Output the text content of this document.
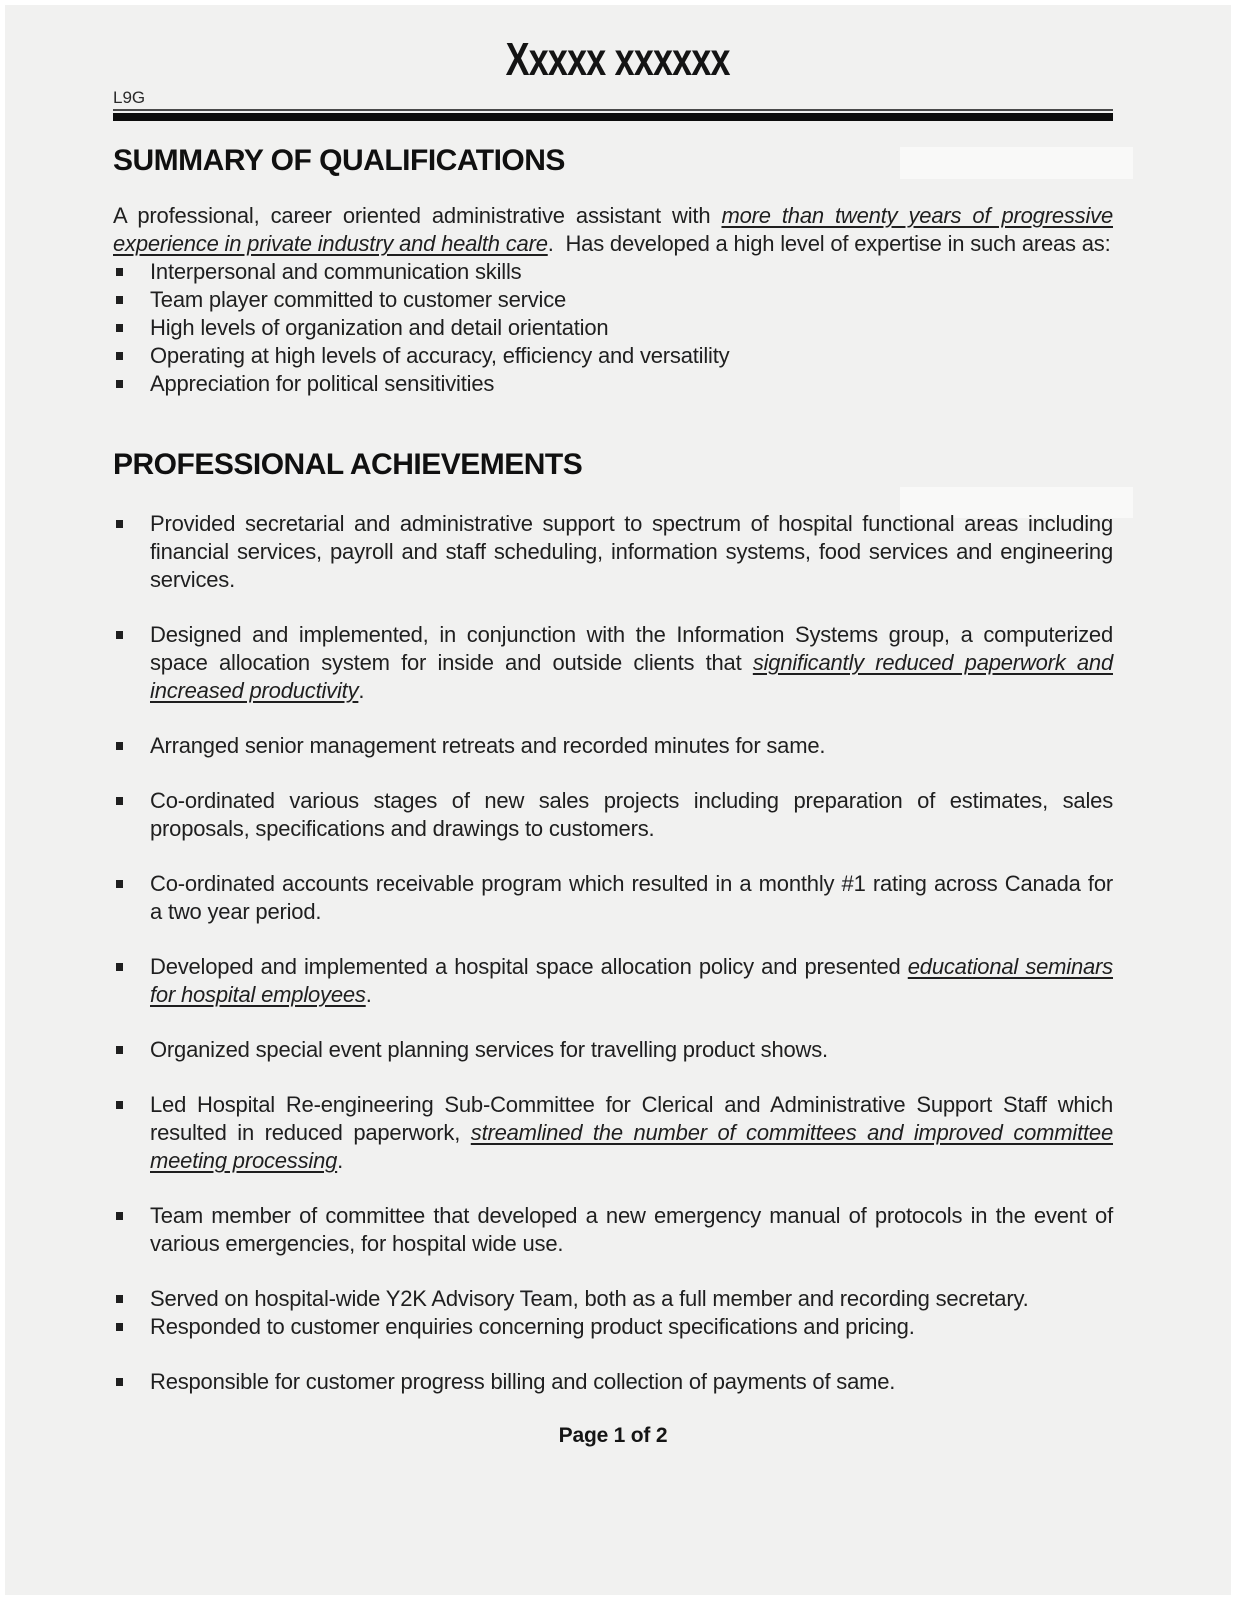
Xxxxx xxxxxx
L9G
SUMMARY OF QUALIFICATIONS

A professional, career oriented administrative assistant with more than twenty years of progressive experience in private industry and health care.  Has developed a high level of expertise in such areas as:

Interpersonal and communication skills
Team player committed to customer service
High levels of organization and detail orientation
Operating at high levels of accuracy, efficiency and versatility
Appreciation for political sensitivities
PROFESSIONAL ACHIEVEMENTS
Provided secretarial and administrative support to spectrum of hospital functional areas including financial services, payroll and staff scheduling, information systems, food services and engineering services.
Designed and implemented, in conjunction with the Information Systems group, a computerized space allocation system for inside and outside clients that significantly reduced paperwork and increased productivity.
Arranged senior management retreats and recorded minutes for same.
Co-ordinated various stages of new sales projects including preparation of estimates, sales proposals, specifications and drawings to customers.
Co-ordinated accounts receivable program which resulted in a monthly #1 rating across Canada for a two year period.
Developed and implemented a hospital space allocation policy and presented educational seminars for hospital employees.
Organized special event planning services for travelling product shows.
Led Hospital Re-engineering Sub-Committee for Clerical and Administrative Support Staff which resulted in reduced paperwork, streamlined the number of committees and improved committee meeting processing.
Team member of committee that developed a new emergency manual of protocols in the event of various emergencies, for hospital wide use.
Served on hospital-wide Y2K Advisory Team, both as a full member and recording secretary.
Responded to customer enquiries concerning product specifications and pricing.
Responsible for customer progress billing and collection of payments of same.
Page 1 of 2
